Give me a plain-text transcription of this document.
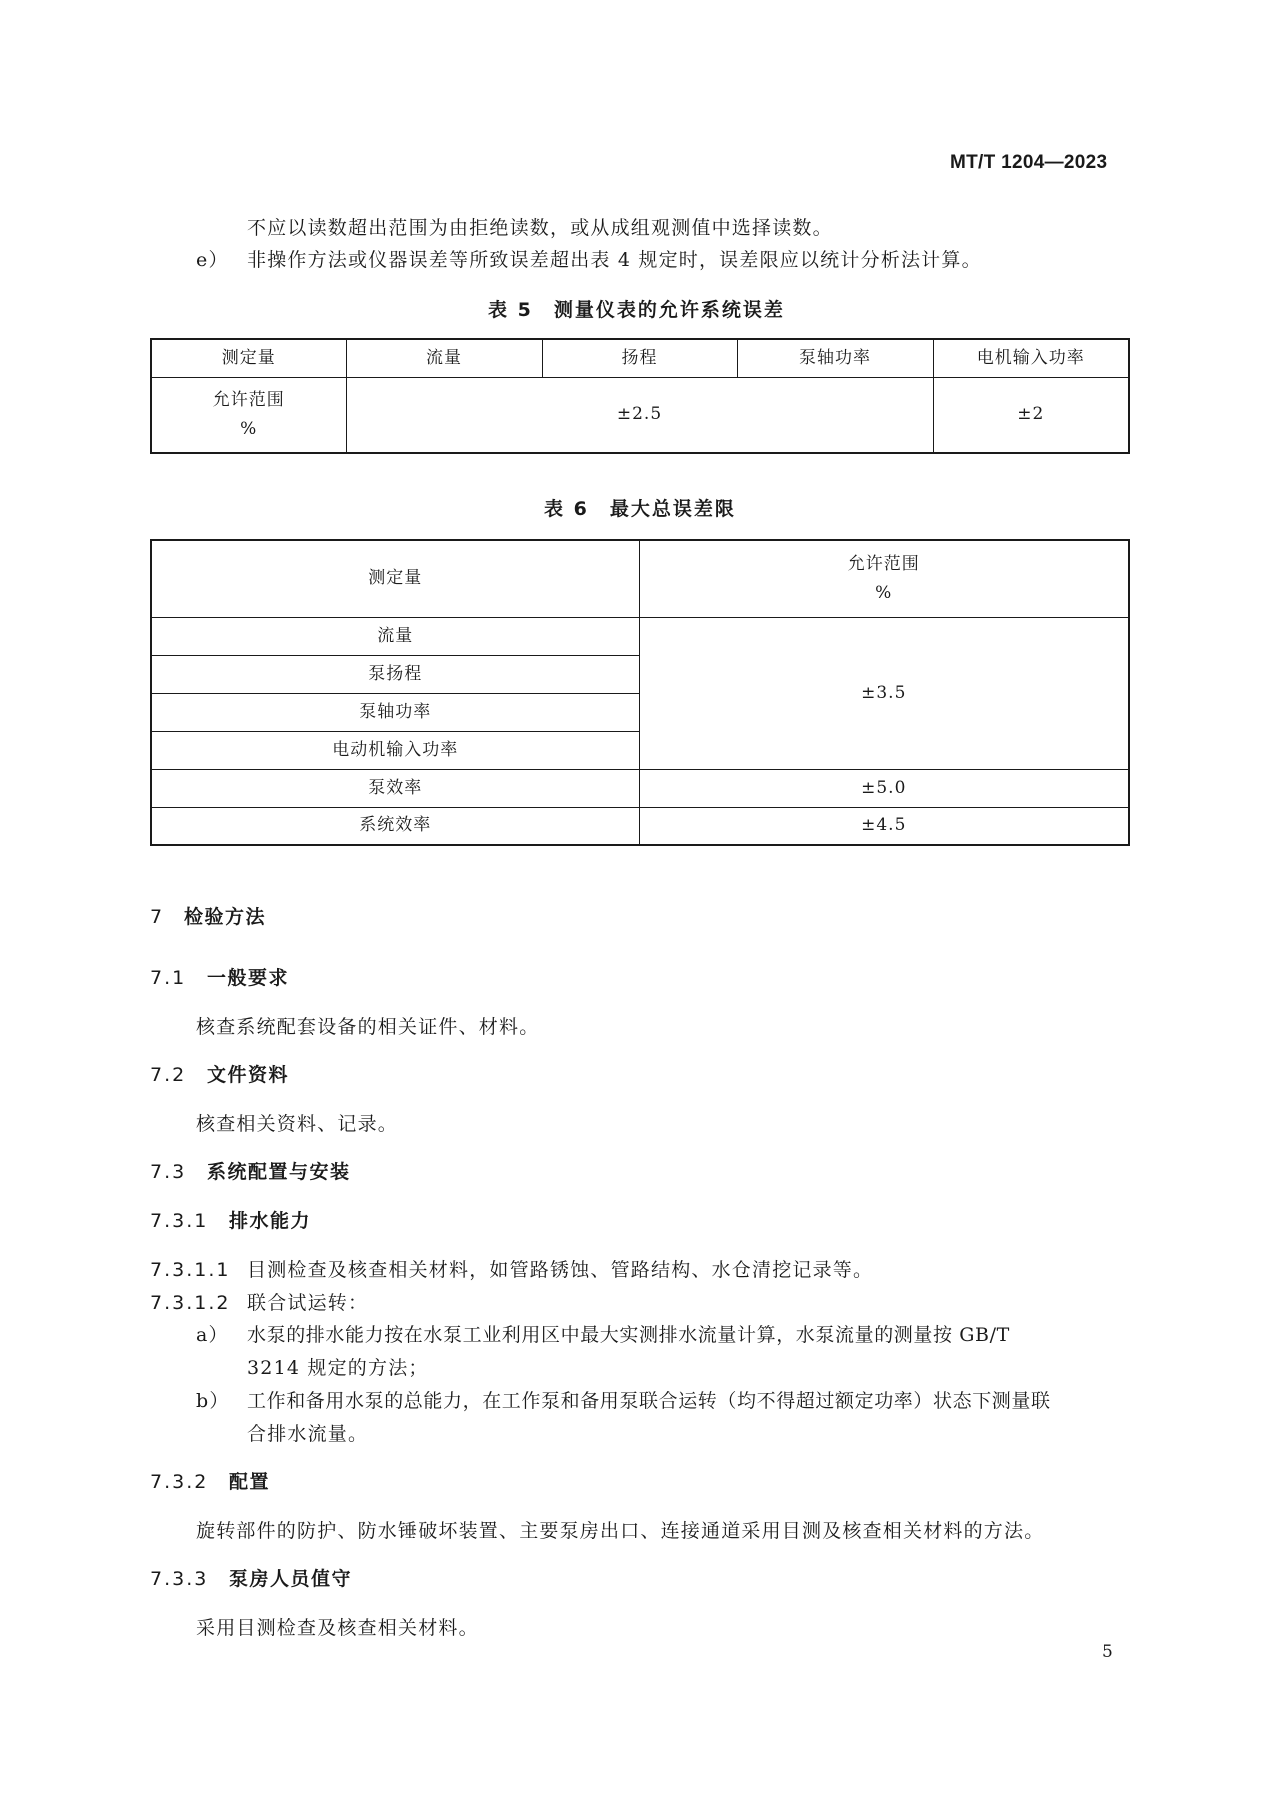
MT/T 1204—2023
不应以读数超出范围为由拒绝读数，或从成组观测值中选择读数。
e） 非操作方法或仪器误差等所致误差超出表 4 规定时，误差限应以统计分析法计算。
表 5　测量仪表的允许系统误差
测定量	流量	扬程	泵轴功率	电机输入功率

允许范围
%	±2.5			±2
表 6　最大总误差限
测定量	允许范围
%

流量	±3.5
泵扬程	
泵轴功率	
电动机输入功率	
泵效率	±5.0
系统效率	±4.5
7 检验方法
7.1 一般要求
核查系统配套设备的相关证件、材料。
7.2 文件资料
核查相关资料、记录。
7.3 系统配置与安装
7.3.1 排水能力
7.3.1.1 目测检查及核查相关材料，如管路锈蚀、管路结构、水仓清挖记录等。
7.3.1.2 联合试运转：
a） 水泵的排水能力按在水泵工业利用区中最大实测排水流量计算，水泵流量的测量按 GB/T
3214 规定的方法；
b） 工作和备用水泵的总能力，在工作泵和备用泵联合运转（均不得超过额定功率）状态下测量联
合排水流量。
7.3.2 配置
旋转部件的防护、防水锤破坏装置、主要泵房出口、连接通道采用目测及核查相关材料的方法。
7.3.3 泵房人员值守
采用目测检查及核查相关材料。
5
